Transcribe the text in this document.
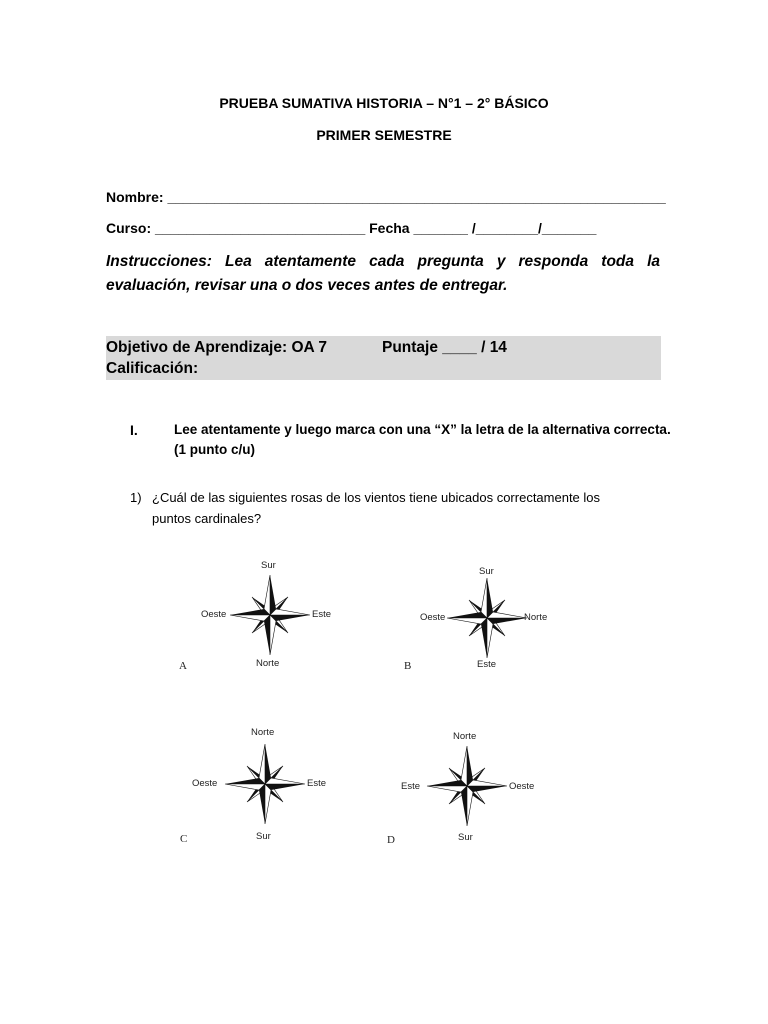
PRUEBA SUMATIVA HISTORIA – N°1 – 2° BÁSICO
PRIMER SEMESTRE
Nombre: ________________________________________________________________
Curso: ___________________________ Fecha _______ /________/_______
Instrucciones: Lea atentamente cada pregunta y responda toda la
evaluación, revisar una o dos veces antes de entregar.
Objetivo de Aprendizaje: OA 7	Puntaje ____ / 14
Calificación:
I.	Lee atentamente y luego marca con una “X” la letra de la alternativa correcta.
(1 punto c/u)
1) ¿Cuál de las siguientes rosas de los vientos tiene ubicados correctamente los
puntos cardinales?
Sur
Oeste	Este
Norte
A
Sur
Oeste	Norte
Este
B
Norte
Oeste	Este
Sur
C
Norte
Este	Oeste
Sur
D
